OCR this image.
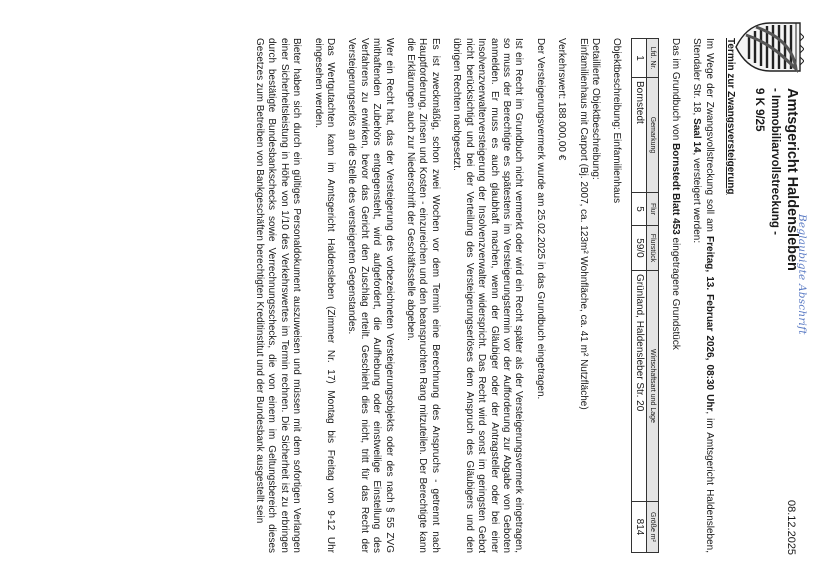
Amtsgericht Haldensleben
- Immobiliarvollstreckung -
9 K 9/25
08.12.2025
Beglaubigte Abschrift
Termin zur Zwangsversteigerung

Im Wege der Zwangsvollstreckung soll am Freitag, 13. Februar 2026, 08:30 Uhr, im Amtsgericht Haldensleben, Stendaler Str. 18, Saal 14, versteigert werden:

Das im Grundbuch von Bornstedt Blatt 453 eingetragene Grundstück

Lfd. Nr.	Gemarkung	Flur	Flurstück	Wirtschaftsart und Lage	Größe m²
1	Bornstedt	5	59/0	Grünland, Haldensleber Str. 20	814

Objektbeschreibung: Einfamilienhaus

Detaillierte Objektbeschreibung:
Einfamilienhaus mit Carport (Bj. 2007, ca. 123m² Wohnfläche, ca. 41 m² Nutzfläche)

Verkehrswert: 188.000,00 €

Der Versteigerungsvermerk wurde am 25.02.2025 in das Grundbuch eingetragen.

Ist ein Recht im Grundbuch nicht vermerkt oder wird ein Recht später als der Versteigerungsvermerk eingetragen, so muss der Berechtigte es spätestens im Versteigerungstermin vor der Aufforderung zur Abgabe von Geboten anmelden. Er muss es auch glaubhaft machen, wenn der Gläubiger oder der Antragsteller oder bei einer Insolvenzverwalterversteigerung der Insolvenzverwalter widerspricht. Das Recht wird sonst im geringsten Gebot nicht berücksichtigt und bei der Verteilung des Versteigerungserlöses dem Anspruch des Gläubigers und den übrigen Rechten nachgesetzt.

Es ist zweckmäßig, schon zwei Wochen vor dem Termin eine Berechnung des Anspruchs - getrennt nach Hauptforderung, Zinsen und Kosten - einzureichen und den beanspruchten Rang mitzuteilen. Der Berechtigte kann die Erklärungen auch zur Niederschrift der Geschäftsstelle abgeben.

Wer ein Recht hat, das der Versteigerung des vorbezeichneten Versteigerungsobjekts oder des nach § 55 ZVG mithaftenden Zubehörs entgegensteht, wird aufgefordert, die Aufhebung oder einstweilige Einstellung des Verfahrens zu erwirken, bevor das Gericht den Zuschlag erteilt. Geschieht dies nicht, tritt für das Recht der Versteigerungserlös an die Stelle des versteigerten Gegenstandes.

Das Wertgutachten kann im Amtsgericht Haldensleben (Zimmer Nr. 17) Montag bis Freitag von 9-12 Uhr eingesehen werden.

Bieter haben sich durch ein gültiges Personaldokument auszuweisen und müssen mit dem sofortigen Verlangen einer Sicherheitsleistung in Höhe von 1/10 des Verkehrswertes im Termin rechnen. Die Sicherheit ist zu erbringen durch bestätigte Bundesbankschecks sowie Verrechnungsschecks, die von einem im Geltungsbereich dieses Gesetzes zum Betreiben von Bankgeschäften berechtigten Kreditinstitut und der Bundesbank ausgestellt sein
